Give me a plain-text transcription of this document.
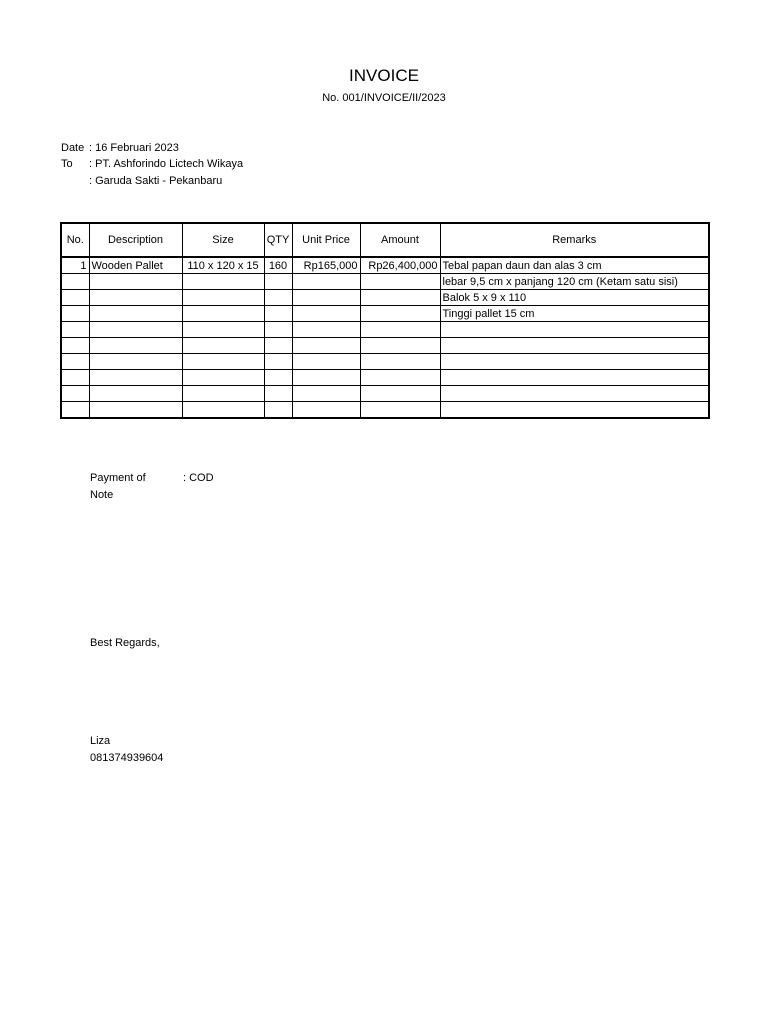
INVOICE
No. 001/INVOICE/II/2023
Date : 16 Februari 2023
To : PT. Ashforindo Lictech Wikaya
: Garuda Sakti - Pekanbaru
No.	Description	Size	QTY	Unit Price	Amount	Remarks
1	Wooden Pallet	110 x 120 x 15	160	Rp165,000	Rp26,400,000	Tebal papan daun dan alas 3 cm
						lebar 9,5 cm x panjang 120 cm (Ketam satu sisi)
						Balok 5 x 9 x 110
						Tinggi pallet 15 cm

Payment of	: COD
Note
Best Regards,
Liza
081374939604
